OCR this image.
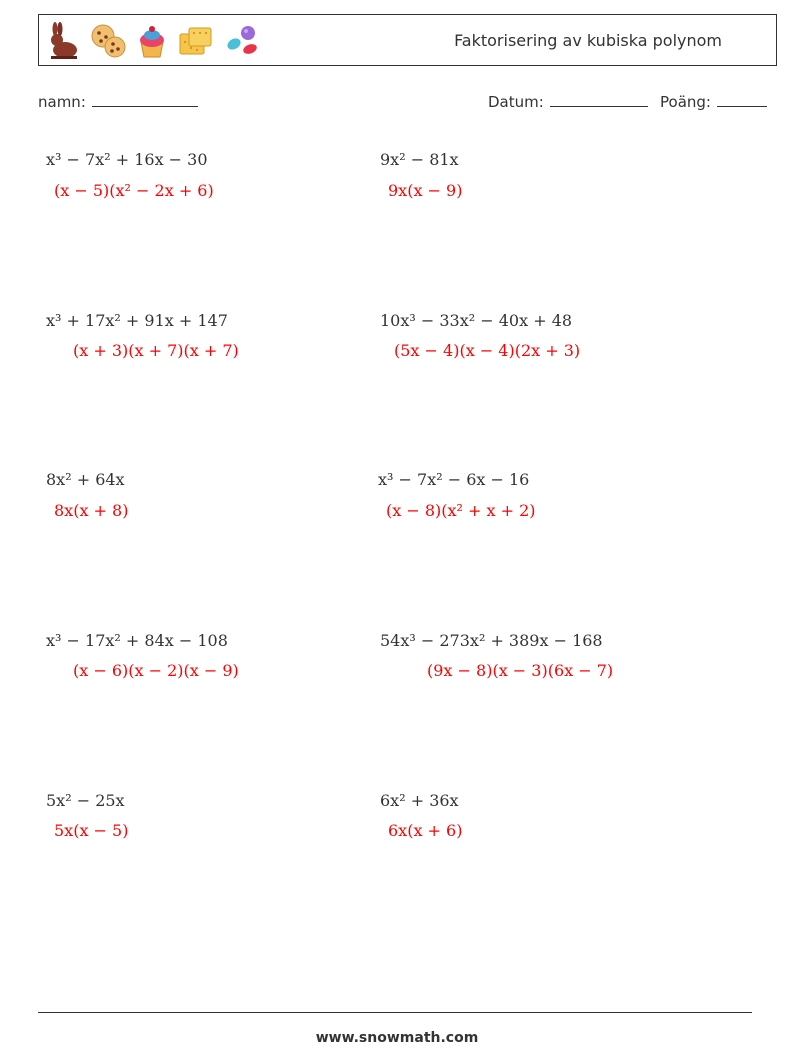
Faktorisering av kubiska polynom
namn:	Datum:	Poäng:
x³ − 7x² + 16x − 30
(x − 5)(x² − 2x + 6)
9x² − 81x
9x(x − 9)
x³ + 17x² + 91x + 147
(x + 3)(x + 7)(x + 7)
10x³ − 33x² − 40x + 48
(5x − 4)(x − 4)(2x + 3)
8x² + 64x
8x(x + 8)
x³ − 7x² − 6x − 16
(x − 8)(x² + x + 2)
x³ − 17x² + 84x − 108
(x − 6)(x − 2)(x − 9)
54x³ − 273x² + 389x − 168
(9x − 8)(x − 3)(6x − 7)
5x² − 25x
5x(x − 5)
6x² + 36x
6x(x + 6)
www.snowmath.com
